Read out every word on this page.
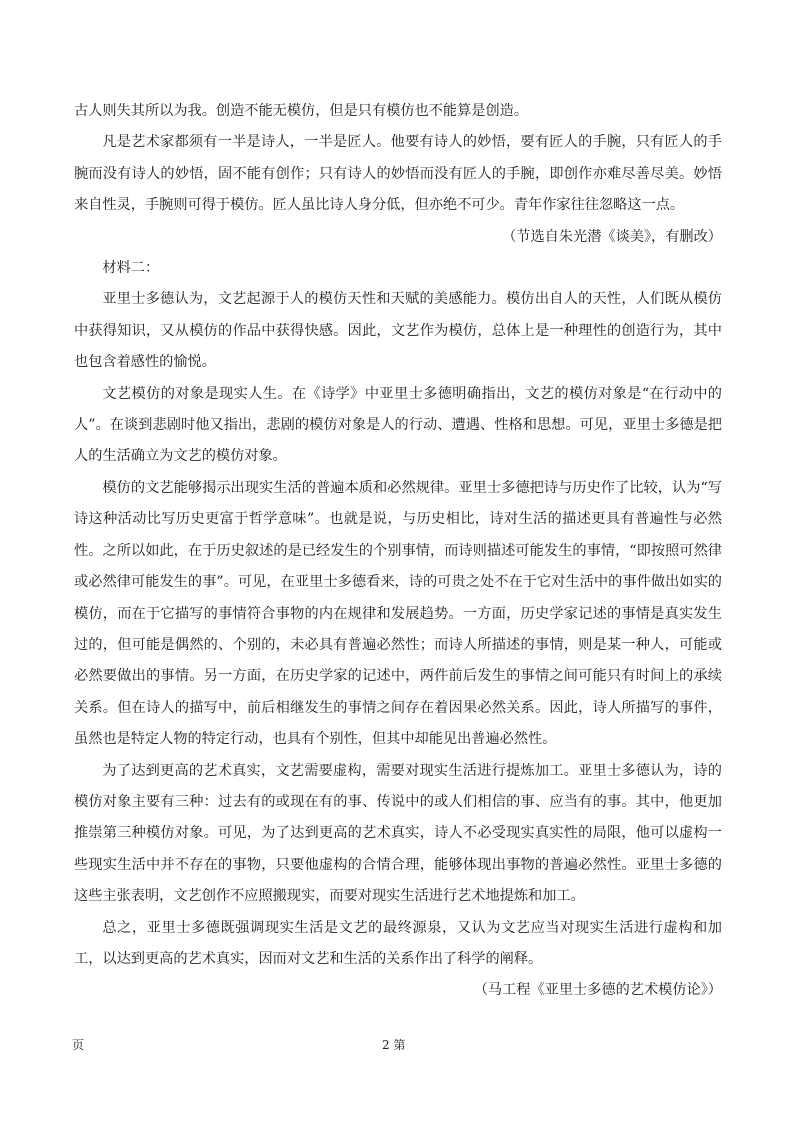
古人则失其所以为我。创造不能无模仿，但是只有模仿也不能算是创造。

凡是艺术家都须有一半是诗人，一半是匠人。他要有诗人的妙悟，要有匠人的手腕，只有匠人的手腕而没有诗人的妙悟，固不能有创作；只有诗人的妙悟而没有匠人的手腕，即创作亦难尽善尽美。妙悟来自性灵，手腕则可得于模仿。匠人虽比诗人身分低，但亦绝不可少。青年作家往往忽略这一点。

（节选自朱光潜《谈美》，有删改）

材料二：

亚里士多德认为，文艺起源于人的模仿天性和天赋的美感能力。模仿出自人的天性，人们既从模仿中获得知识，又从模仿的作品中获得快感。因此，文艺作为模仿，总体上是一种理性的创造行为，其中也包含着感性的愉悦。

文艺模仿的对象是现实人生。在《诗学》中亚里士多德明确指出，文艺的模仿对象是“在行动中的人”。在谈到悲剧时他又指出，悲剧的模仿对象是人的行动、遭遇、性格和思想。可见，亚里士多德是把人的生活确立为文艺的模仿对象。

模仿的文艺能够揭示出现实生活的普遍本质和必然规律。亚里士多德把诗与历史作了比较，认为“写诗这种活动比写历史更富于哲学意味”。也就是说，与历史相比，诗对生活的描述更具有普遍性与必然性。之所以如此，在于历史叙述的是已经发生的个别事情，而诗则描述可能发生的事情，“即按照可然律或必然律可能发生的事”。可见，在亚里士多德看来，诗的可贵之处不在于它对生活中的事件做出如实的模仿，而在于它描写的事情符合事物的内在规律和发展趋势。一方面，历史学家记述的事情是真实发生过的，但可能是偶然的、个别的，未必具有普遍必然性；而诗人所描述的事情，则是某一种人，可能或必然要做出的事情。另一方面，在历史学家的记述中，两件前后发生的事情之间可能只有时间上的承续关系。但在诗人的描写中，前后相继发生的事情之间存在着因果必然关系。因此，诗人所描写的事件，虽然也是特定人物的特定行动，也具有个别性，但其中却能见出普遍必然性。

为了达到更高的艺术真实，文艺需要虚构，需要对现实生活进行提炼加工。亚里士多德认为，诗的模仿对象主要有三种：过去有的或现在有的事、传说中的或人们相信的事、应当有的事。其中，他更加推崇第三种模仿对象。可见，为了达到更高的艺术真实，诗人不必受现实真实性的局限，他可以虚构一些现实生活中并不存在的事物，只要他虚构的合情合理，能够体现出事物的普遍必然性。亚里士多德的这些主张表明，文艺创作不应照搬现实，而要对现实生活进行艺术地提炼和加工。

总之，亚里士多德既强调现实生活是文艺的最终源泉，又认为文艺应当对现实生活进行虚构和加工，以达到更高的艺术真实，因而对文艺和生活的关系作出了科学的阐释。

（马工程《亚里士多德的艺术模仿论》）

页	2 第
